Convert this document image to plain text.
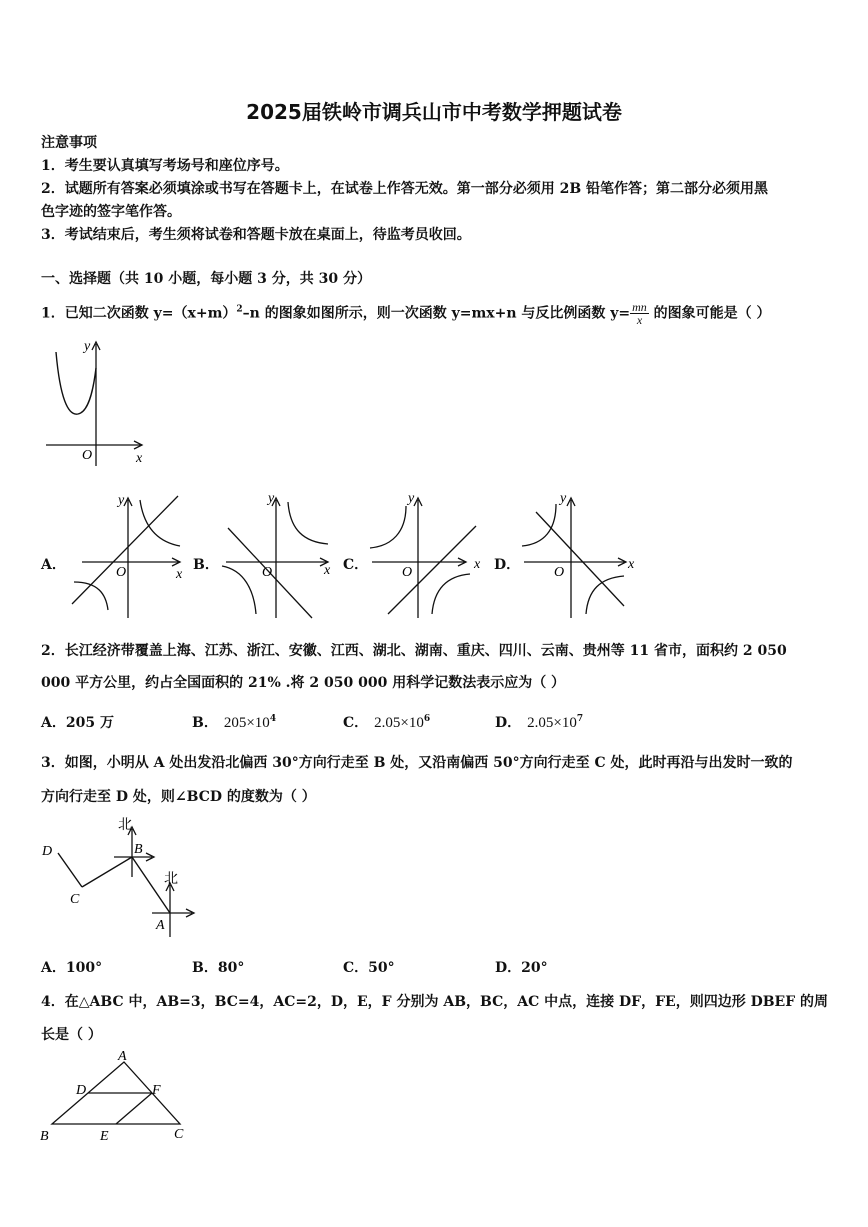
2025届铁岭市调兵山市中考数学押题试卷
注意事项
1．考生要认真填写考场号和座位序号。
2．试题所有答案必须填涂或书写在答题卡上，在试卷上作答无效。第一部分必须用 2B 铅笔作答；第二部分必须用黑
色字迹的签字笔作答。
3．考试结束后，考生须将试卷和答题卡放在桌面上，待监考员收回。
一、选择题（共 10 小题，每小题 3 分，共 30 分）
1．已知二次函数 $y=(x+m)^2-n$ 的图象如图所示，则一次函数 y=mx+n 与反比例函数 $y= \frac{mn}{x}$ 的图象可能是（ ）
y
O	x
A．
y
O	x
B．
y
O	x C．
y
O
x D．
y
O
x
2．长江经济带覆盖上海、江苏、浙江、安徽、江西、湖北、湖南、重庆、四川、云南、贵州等 11 省市，面积约 2 050
000 平方公里，约占全国面积的 21% .将 2 050 000 用科学记数法表示应为（ ）
A．205 万	B． $205\times 10^4$	C． $2.05\times 10^6$	D． $2.05\times 10^7$
3．如图，小明从 A 处出发沿北偏西 30°方向行走至 B 处，又沿南偏西 50°方向行走至 C 处，此时再沿与出发时一致的
方向行走至 D 处，则∠BCD 的度数为（ ）
北
北
B
C
D
A
A．100°	B．80°	C．50°	D．20°
4．在△ABC 中，AB=3，BC=4，AC=2，D，E，F 分别为 AB，BC，AC 中点，连接 DF，FE，则四边形 DBEF 的周
长是（ ）
A
D	F
B	E	C
